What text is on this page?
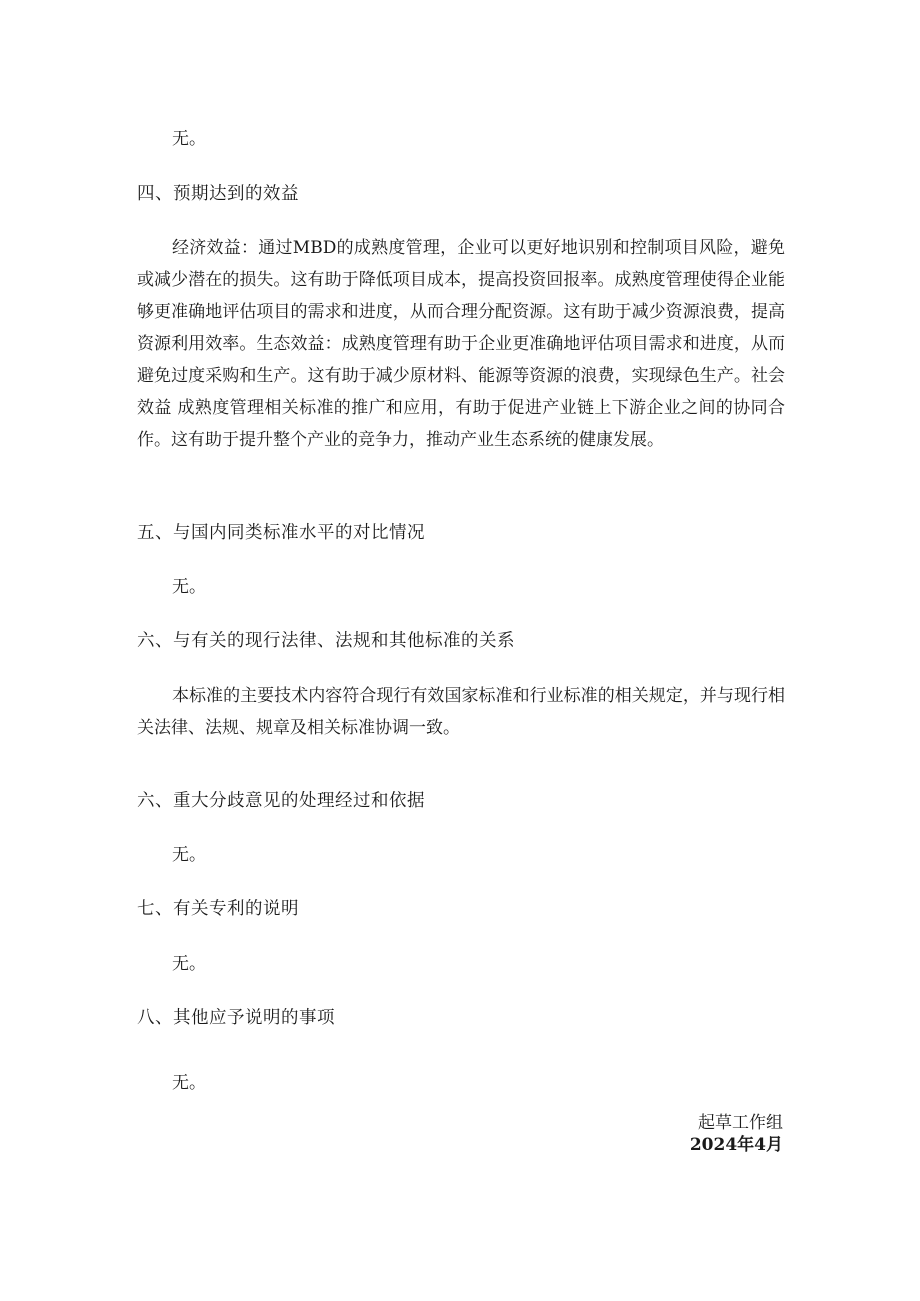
无。

四、预期达到的效益

经济效益：通过MBD的成熟度管理，企业可以更好地识别和控制项目风险，避免或减少潜在的损失。这有助于降低项目成本，提高投资回报率。成熟度管理使得企业能够更准确地评估项目的需求和进度，从而合理分配资源。这有助于减少资源浪费，提高资源利用效率。生态效益：成熟度管理有助于企业更准确地评估项目需求和进度，从而避免过度采购和生产。这有助于减少原材料、能源等资源的浪费，实现绿色生产。社会效益 成熟度管理相关标准的推广和应用，有助于促进产业链上下游企业之间的协同合作。这有助于提升整个产业的竞争力，推动产业生态系统的健康发展。

五、与国内同类标准水平的对比情况

无。

六、与有关的现行法律、法规和其他标准的关系

本标准的主要技术内容符合现行有效国家标准和行业标准的相关规定，并与现行相关法律、法规、规章及相关标准协调一致。

六、重大分歧意见的处理经过和依据

无。

七、有关专利的说明

无。

八、其他应予说明的事项

无。

起草工作组
2024年4月
